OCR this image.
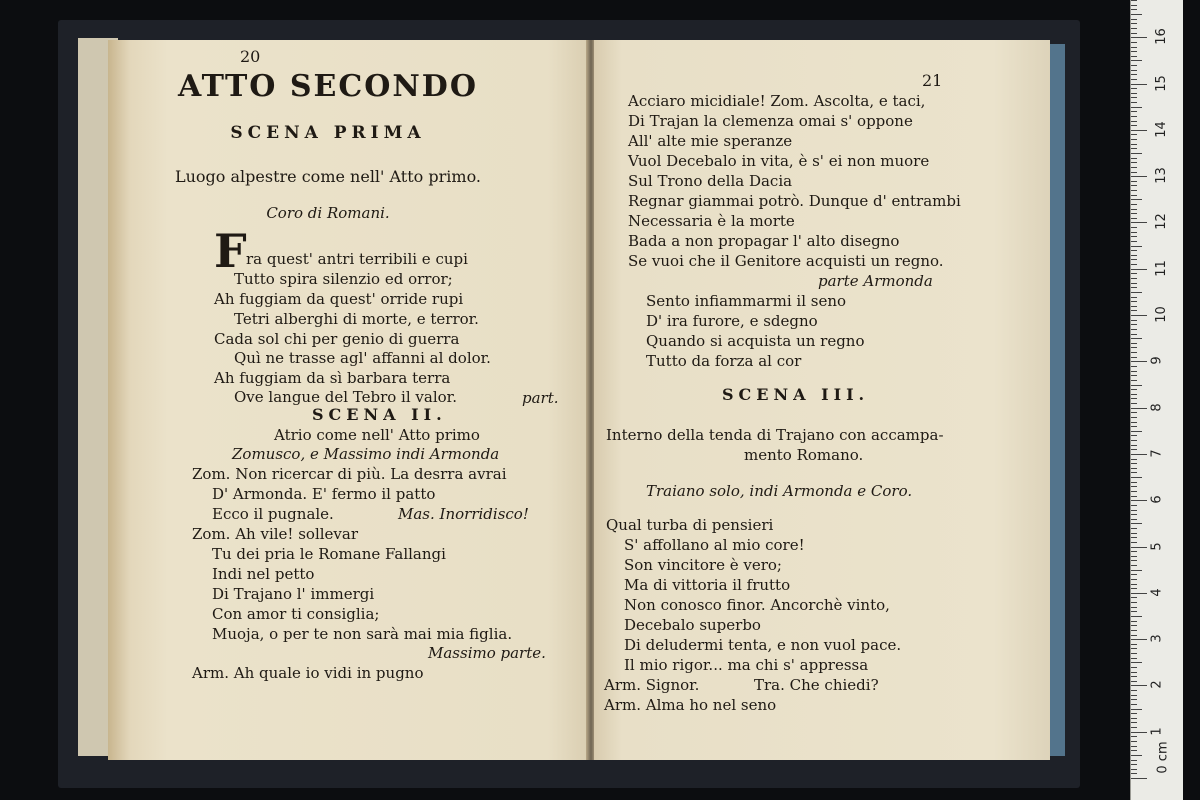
20
ATTO SECONDO
SCENA PRIMA
Luogo alpestre come nell' Atto primo.
Coro di Romani.
F ra quest' antri terribili e cupi
Tutto spira silenzio ed orror;
Ah fuggiam da quest' orride rupi
Tetri alberghi di morte, e terror.
Cada sol chi per genio di guerra
Quì ne trasse agl' affanni al dolor.
Ah fuggiam da sì barbara terra
Ove langue del Tebro il valor.	part.
SCENA II.
Atrio come nell' Atto primo
Zomusco, e Massimo indi Armonda
Zom. Non ricercar di più. La desrra avrai
D' Armonda. E' fermo il patto
Ecco il pugnale.	Mas. Inorridisco!
Zom. Ah vile! sollevar
Tu dei pria le Romane Fallangi
Indi nel petto
Di Trajano l' immergi
Con amor ti consiglia;
Muoja, o per te non sarà mai mia figlia.
Massimo parte.
Arm. Ah quale io vidi in pugno
21
Acciaro micidiale! Zom. Ascolta, e taci,
Di Trajan la clemenza omai s' oppone
All' alte mie speranze
Vuol Decebalo in vita, è s' ei non muore
Sul Trono della Dacia
Regnar giammai potrò. Dunque d' entrambi
Necessaria è la morte
Bada a non propagar l' alto disegno
Se vuoi che il Genitore acquisti un regno.
parte Armonda
Sento infiammarmi il seno
D' ira furore, e sdegno
Quando si acquista un regno
Tutto da forza al cor
SCENA III.
Interno della tenda di Trajano con accampa-
mento Romano.
Traiano solo, indi Armonda e Coro.
Qual turba di pensieri
S' affollano al mio core!
Son vincitore è vero;
Ma di vittoria il frutto
Non conosco finor. Ancorchè vinto,
Decebalo superbo
Di deludermi tenta, e non vuol pace.
Il mio rigor... ma chi s' appressa
Arm. Signor.	Tra. Che chiedi?
Arm. Alma ho nel seno
1
2
3
4
5
6
7
8
9
10
11
12
13
14
15
16
0 cm
